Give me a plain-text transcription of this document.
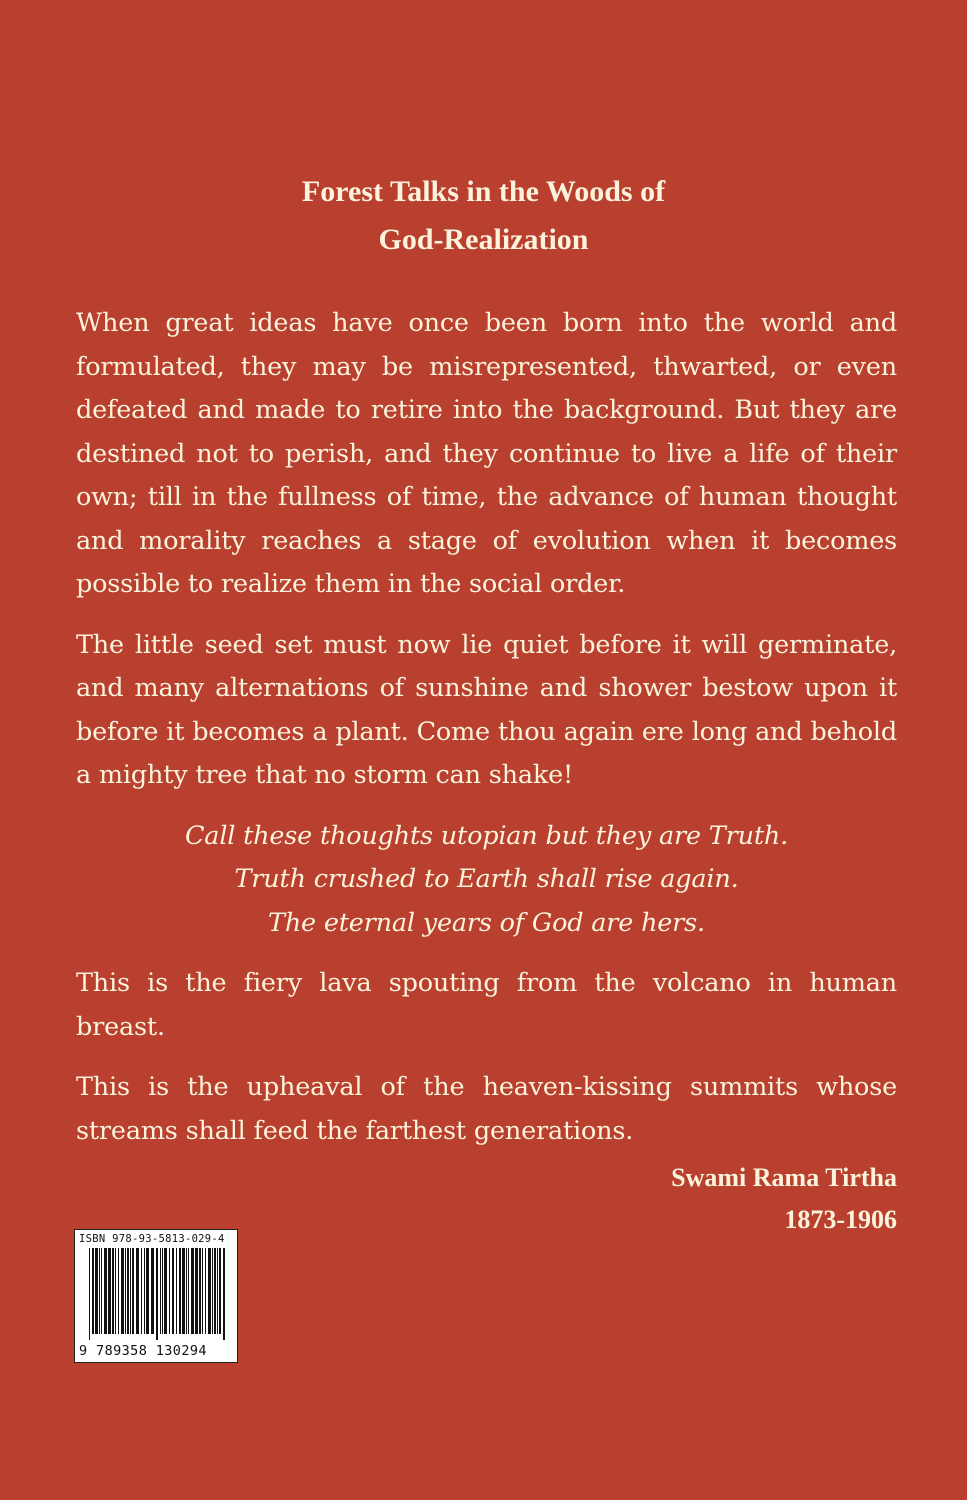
Forest Talks in the Woods of
God-Realization

When great ideas have once been born into the world and formulated, they may be misrepresented, thwarted, or even defeated and made to retire into the background. But they are destined not to perish, and they continue to live a life of their own; till in the fullness of time, the advance of human thought and morality reaches a stage of evolution when it becomes possible to realize them in the social order.

The little seed set must now lie quiet before it will germinate, and many alternations of sunshine and shower bestow upon it before it becomes a plant. Come thou again ere long and behold a mighty tree that no storm can shake!

Call these thoughts utopian but they are Truth.
Truth crushed to Earth shall rise again.
The eternal years of God are hers.

This is the fiery lava spouting from the volcano in human breast.

This is the upheaval of the heaven-kissing summits whose streams shall feed the farthest generations.

Swami Rama Tirtha
1873-1906
ISBN 978-93-5813-029-4
9 789358 130294
